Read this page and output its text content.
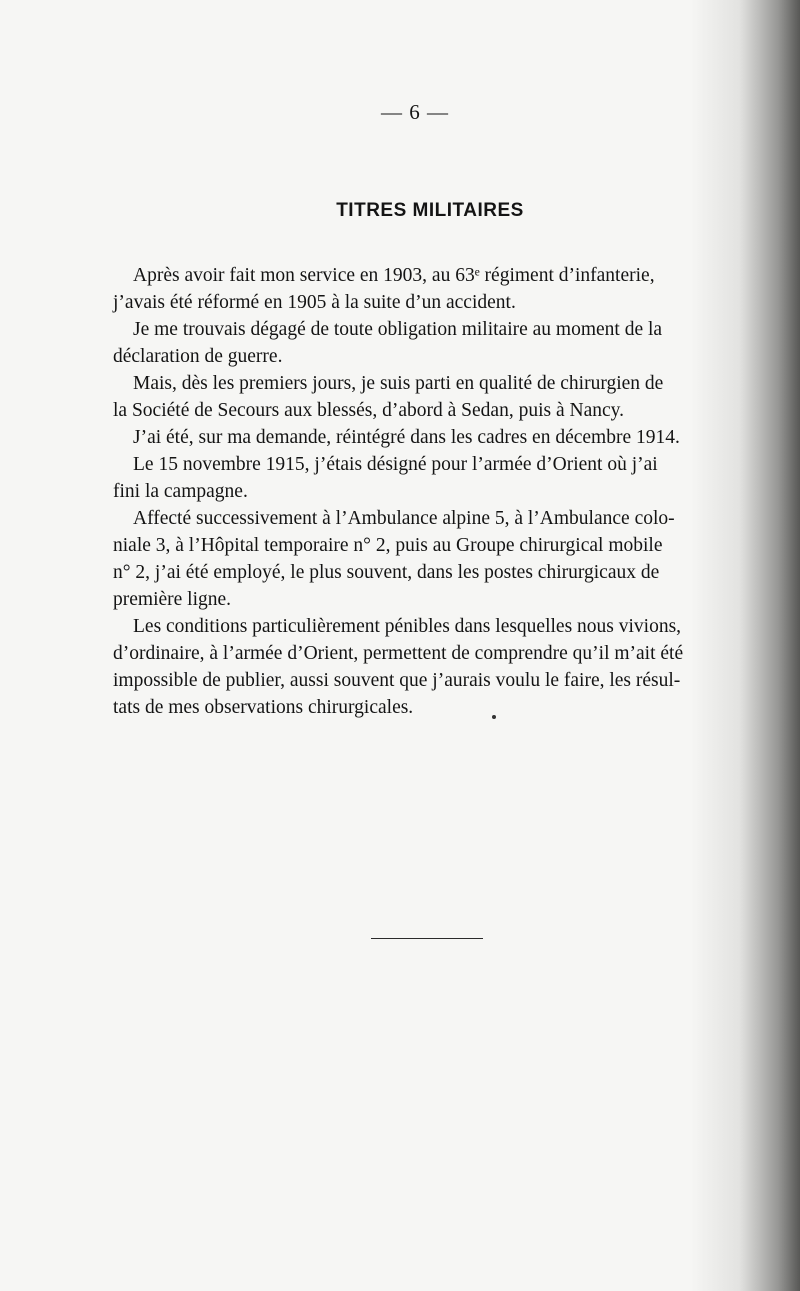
— 6 —
TITRES MILITAIRES

Après avoir fait mon service en 1903, au 63ᵉ régiment d’infanterie,
j’avais été réformé en 1905 à la suite d’un accident.

Je me trouvais dégagé de toute obligation militaire au moment de la
déclaration de guerre.

Mais, dès les premiers jours, je suis parti en qualité de chirurgien de
la Société de Secours aux blessés, d’abord à Sedan, puis à Nancy.

J’ai été, sur ma demande, réintégré dans les cadres en décembre 1914.

Le 15 novembre 1915, j’étais désigné pour l’armée d’Orient où j’ai
fini la campagne.

Affecté successivement à l’Ambulance alpine 5, à l’Ambulance colo-
niale 3, à l’Hôpital temporaire n° 2, puis au Groupe chirurgical mobile
n° 2, j’ai été employé, le plus souvent, dans les postes chirurgicaux de
première ligne.

Les conditions particulièrement pénibles dans lesquelles nous vivions,
d’ordinaire, à l’armée d’Orient, permettent de comprendre qu’il m’ait été
impossible de publier, aussi souvent que j’aurais voulu le faire, les résul-
tats de mes observations chirurgicales.
